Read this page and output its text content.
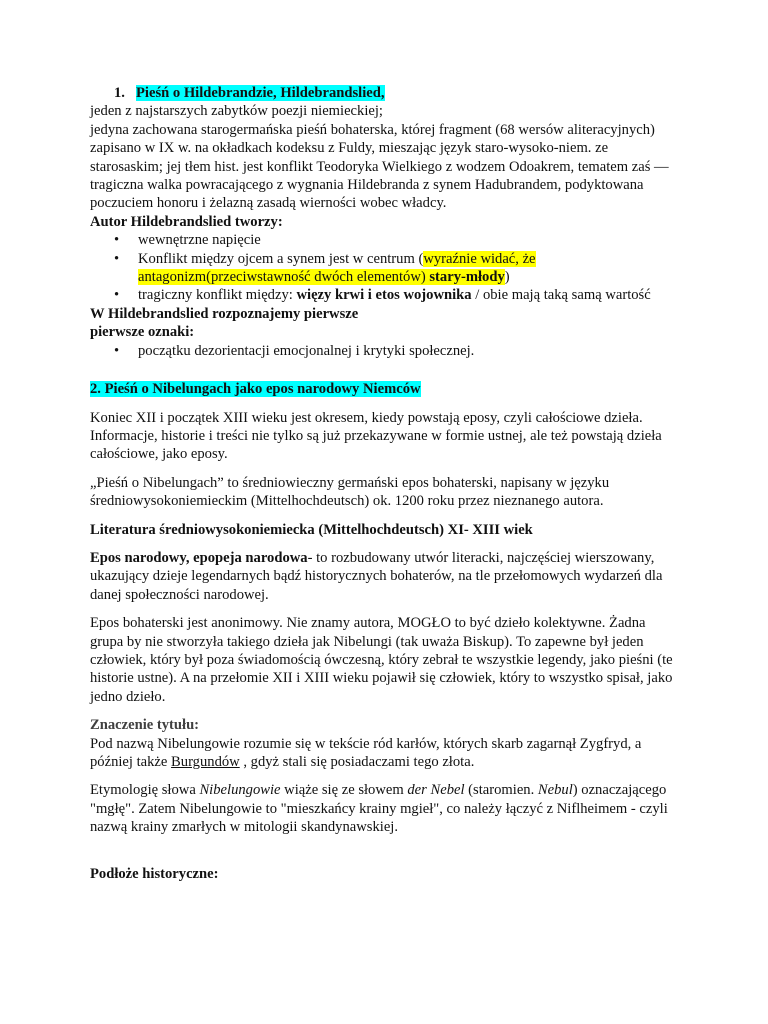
1. Pieśń o Hildebrandzie, Hildebrandslied,

jeden z najstarszych zabytków poezji niemieckiej;

jedyna zachowana starogermańska pieśń bohaterska, której fragment (68 wersów aliteracyjnych) zapisano w IX w. na okładkach kodeksu z Fuldy, mieszając język staro-wysoko-niem. ze starosaskim; jej tłem hist. jest konflikt Teodoryka Wielkiego z wodzem Odoakrem, tematem zaś — tragiczna walka powracającego z wygnania Hildebranda z synem Hadubrandem, podyktowana poczuciem honoru i żelazną zasadą wierności wobec władcy.

Autor Hildebrandslied tworzy:

• wewnętrzne napięcie
• Konflikt między ojcem a synem jest w centrum (wyraźnie widać, że antagonizm(przeciwstawność dwóch elementów) stary-młody)
• tragiczny konflikt między: więzy krwi i etos wojownika / obie mają taką samą wartość

W Hildebrandslied rozpoznajemy pierwsze

pierwsze oznaki:

• początku dezorientacji emocjonalnej i krytyki społecznej.

2. Pieśń o Nibelungach jako epos narodowy Niemców

Koniec XII i początek XIII wieku jest okresem, kiedy powstają eposy, czyli całościowe dzieła. Informacje, historie i treści nie tylko są już przekazywane w formie ustnej, ale też powstają dzieła całościowe, jako eposy.

„Pieśń o Nibelungach” to średniowieczny germański epos bohaterski, napisany w języku średniowysokoniemieckim (Mittelhochdeutsch) ok. 1200 roku przez nieznanego autora.

Literatura średniowysokoniemiecka (Mittelhochdeutsch) XI- XIII wiek

Epos narodowy, epopeja narodowa- to rozbudowany utwór literacki, najczęściej wierszowany, ukazujący dzieje legendarnych bądź historycznych bohaterów, na tle przełomowych wydarzeń dla danej społeczności narodowej.

Epos bohaterski jest anonimowy. Nie znamy autora, MOGŁO to być dzieło kolektywne. Żadna grupa by nie stworzyła takiego dzieła jak Nibelungi (tak uważa Biskup). To zapewne był jeden człowiek, który był poza świadomością ówczesną, który zebrał te wszystkie legendy, jako pieśni (te historie ustne). A na przełomie XII i XIII wieku pojawił się człowiek, który to wszystko spisał, jako jedno dzieło.

Znaczenie tytułu:

Pod nazwą Nibelungowie rozumie się w tekście ród karłów, których skarb zagarnął Zygfryd, a później także Burgundów , gdyż stali się posiadaczami tego złota.

Etymologię słowa Nibelungowie wiąże się ze słowem der Nebel (staromien. Nebul) oznaczającego "mgłę". Zatem Nibelungowie to "mieszkańcy krainy mgieł", co należy łączyć z Niflheimem - czyli nazwą krainy zmarłych w mitologii skandynawskiej.

Podłoże historyczne:
